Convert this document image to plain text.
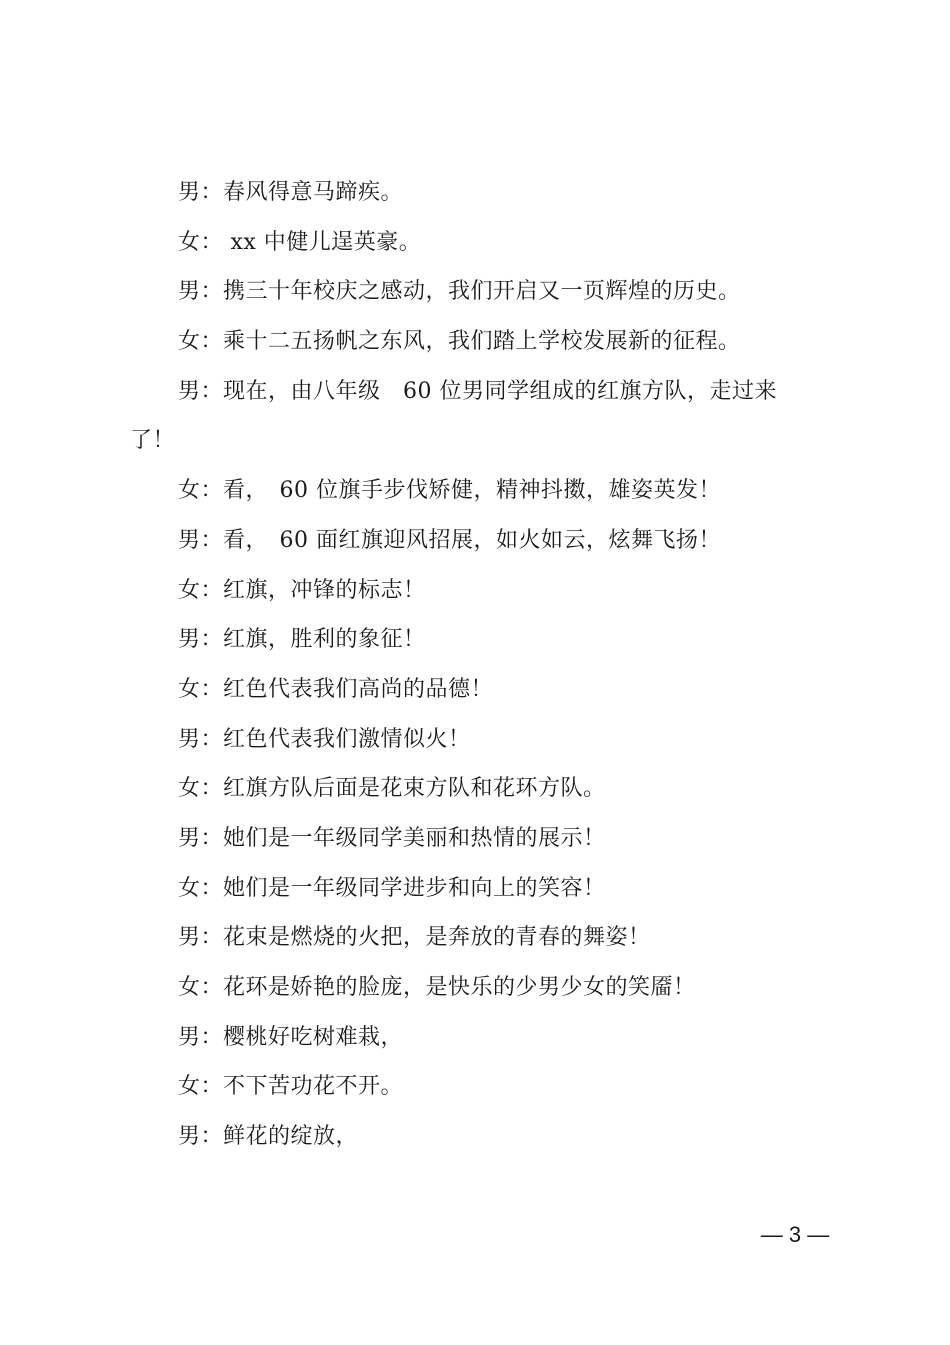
男：春风得意马蹄疾。
女： xx 中健儿逞英豪。
男：携三十年校庆之感动，我们开启又一页辉煌的历史。
女：乘十二五扬帆之东风，我们踏上学校发展新的征程。
男：现在，由八年级　60 位男同学组成的红旗方队，走过来
了！
女：看，　60 位旗手步伐矫健，精神抖擞，雄姿英发！
男：看，　60 面红旗迎风招展，如火如云，炫舞飞扬！
女：红旗，冲锋的标志！
男：红旗，胜利的象征！
女：红色代表我们高尚的品德！
男：红色代表我们激情似火！
女：红旗方队后面是花束方队和花环方队。
男：她们是一年级同学美丽和热情的展示！
女：她们是一年级同学进步和向上的笑容！
男：花束是燃烧的火把，是奔放的青春的舞姿！
女：花环是娇艳的脸庞，是快乐的少男少女的笑靥！
男：樱桃好吃树难栽，
女：不下苦功花不开。
男：鲜花的绽放，
— 3 —
